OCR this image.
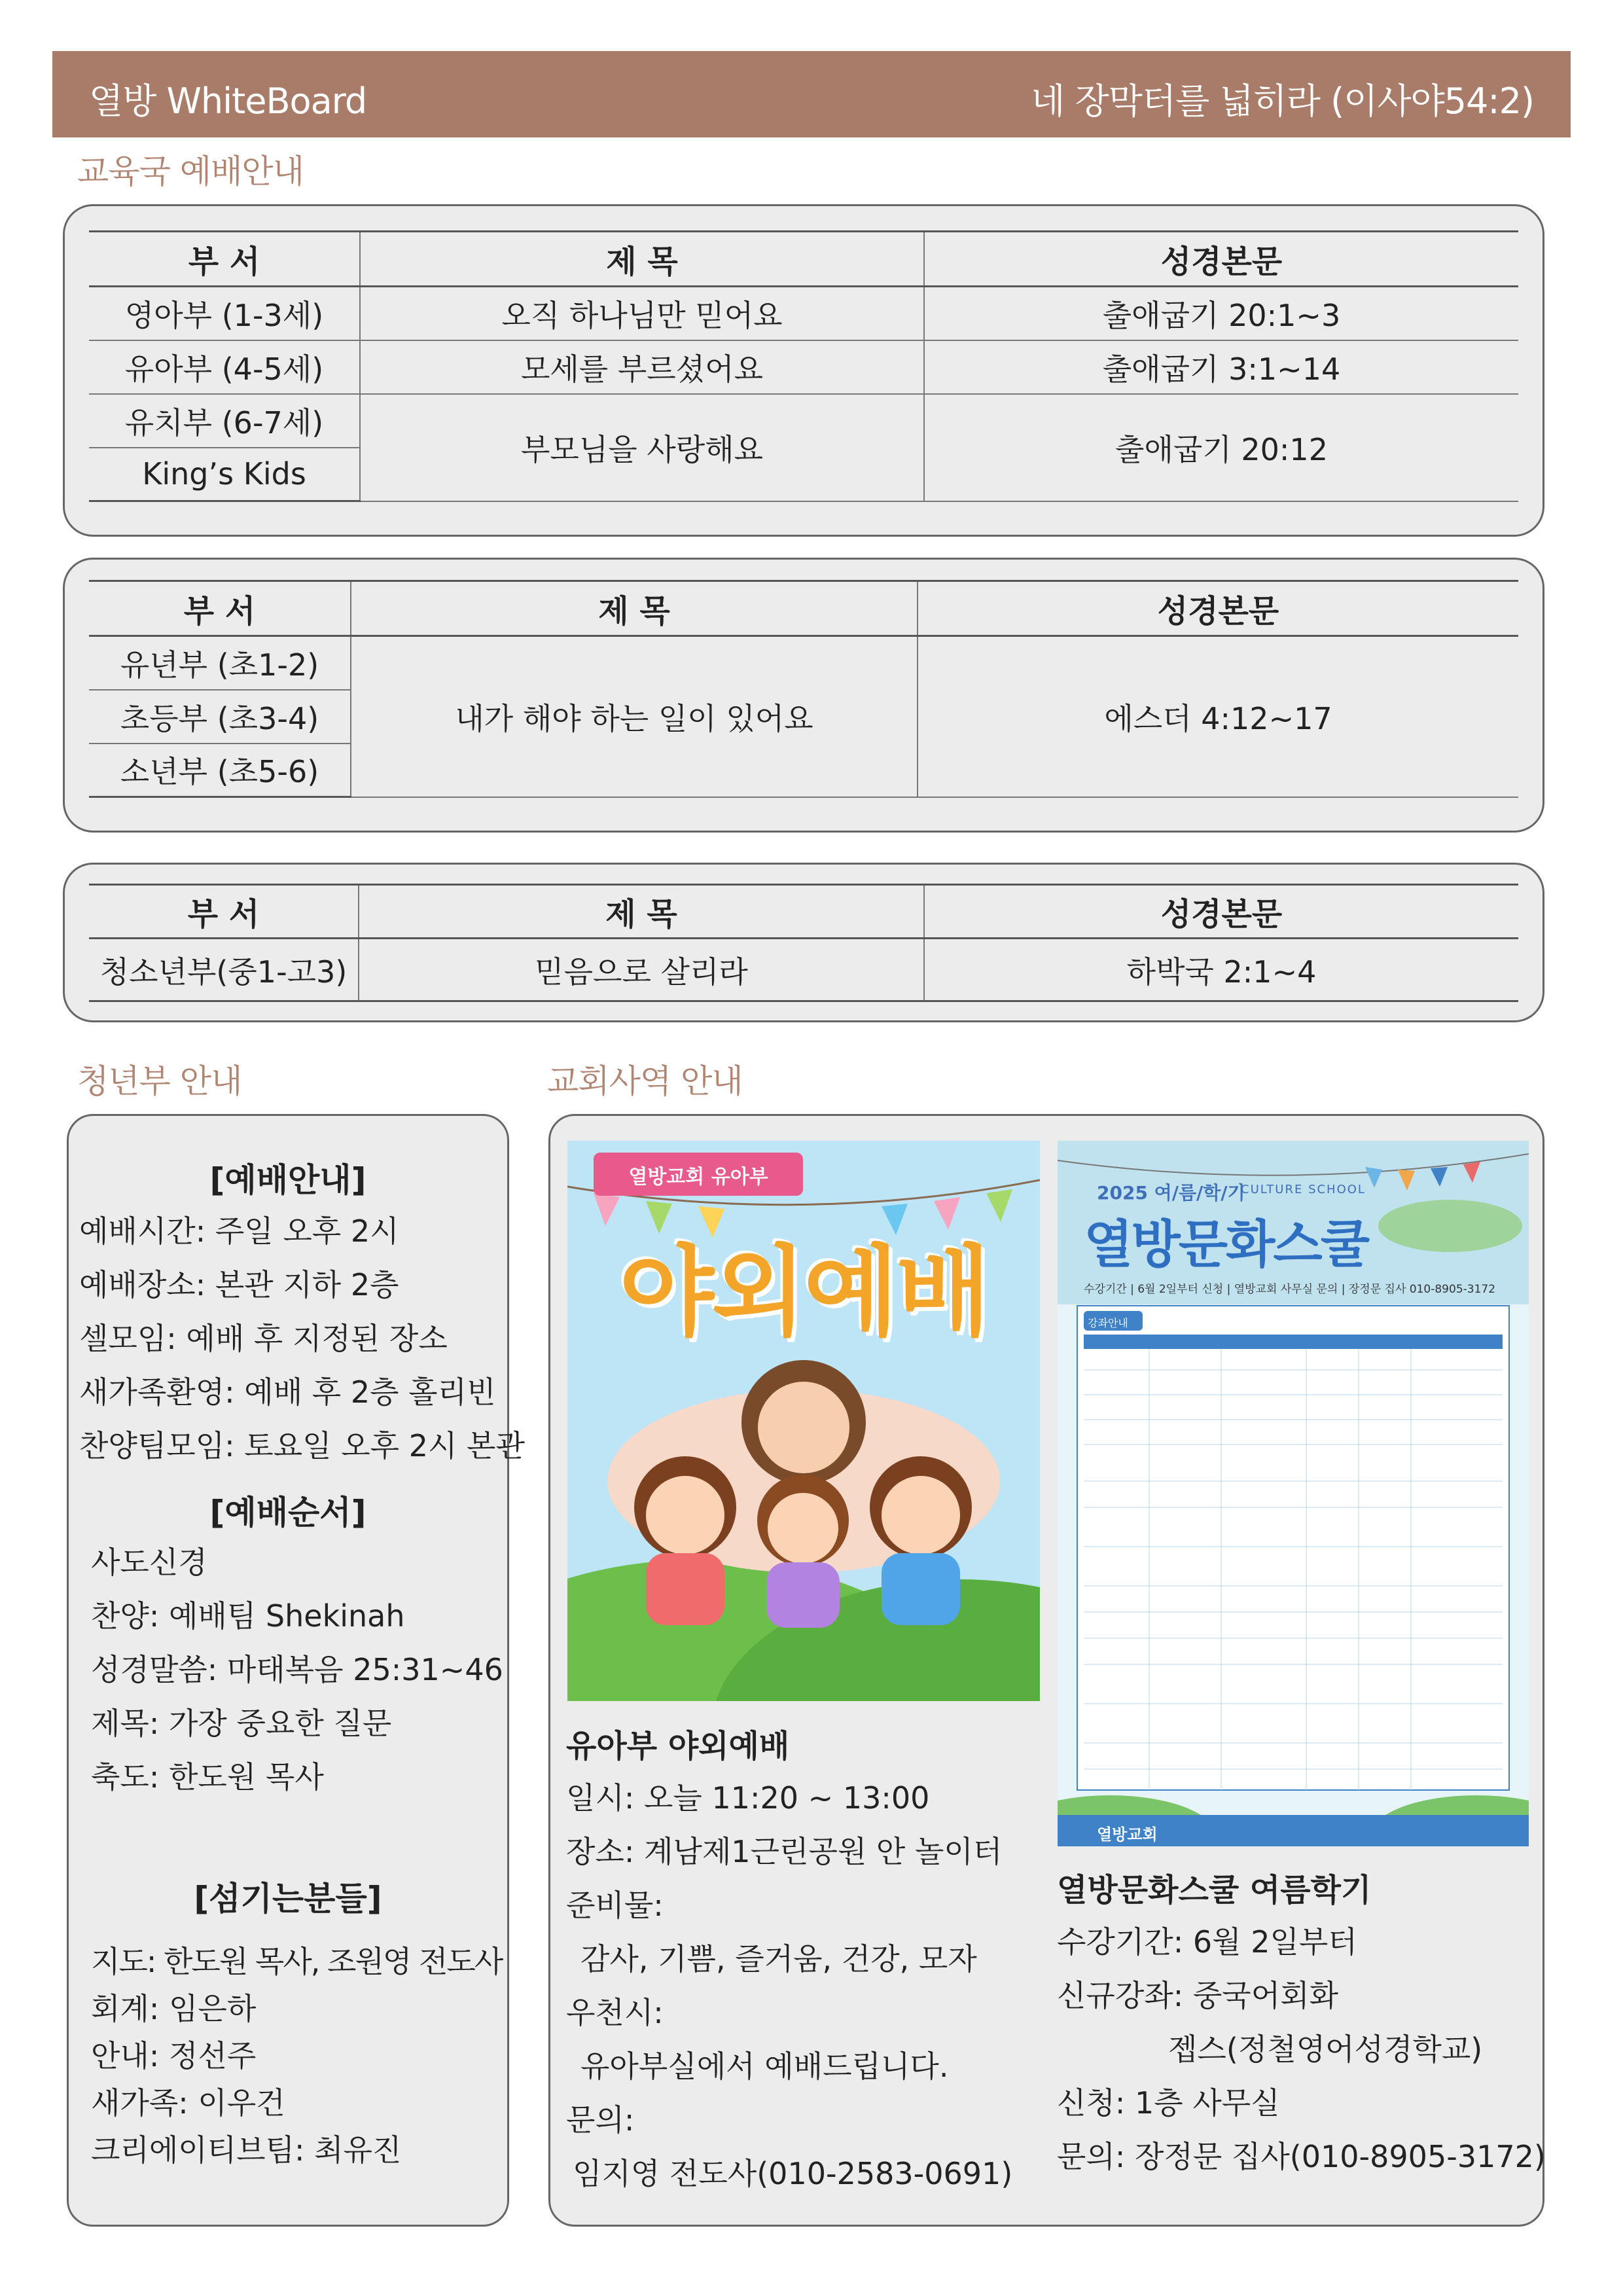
열방 WhiteBoard	네 장막터를 넓히라 (이사야54:2)
교육국 예배안내
부 서	제 목	성경본문
영아부 (1-3세)	오직 하나님만 믿어요	출애굽기 20:1~3
유아부 (4-5세)	모세를 부르셨어요	출애굽기 3:1~14
유치부 (6-7세)	부모님을 사랑해요	출애굽기 20:12
King’s Kids		
부 서	제 목	성경본문
유년부 (초1-2)	내가 해야 하는 일이 있어요	에스더 4:12~17
초등부 (초3-4)		
소년부 (초5-6)		
부 서	제 목	성경본문
청소년부(중1-고3)	믿음으로 살리라	하박국 2:1~4
청년부 안내	교회사역 안내
[예배안내]
예배시간: 주일 오후 2시
예배장소: 본관 지하 2층
셀모임: 예배 후 지정된 장소
새가족환영: 예배 후 2층 홀리빈
찬양팀모임: 토요일 오후 2시 본관
[예배순서]
사도신경
찬양: 예배팀 Shekinah
성경말씀: 마태복음 25:31~46
제목: 가장 중요한 질문
축도: 한도원 목사
[섬기는분들]
지도: 한도원 목사, 조원영 전도사
회계: 임은하
안내: 정선주
새가족: 이우건
크리에이티브팀: 최유진
열방교회 유아부
야외예배
2025 여/름/학/기
CULTURE SCHOOL
열방문화스쿨
수강기간 | 6월 2일부터 신청 | 열방교회 사무실 문의 | 장정문 집사 010-8905-3172
강좌안내
열방교회
유아부 야외예배
일시: 오늘 11:20 ~ 13:00
장소: 계남제1근린공원 안 놀이터
준비물:
감사, 기쁨, 즐거움, 건강, 모자
우천시:
유아부실에서 예배드립니다.
문의:
임지영 전도사(010-2583-0691)
열방문화스쿨 여름학기
수강기간: 6월 2일부터
신규강좌: 중국어회화
젭스(정철영어성경학교)
신청: 1층 사무실
문의: 장정문 집사(010-8905-3172)
